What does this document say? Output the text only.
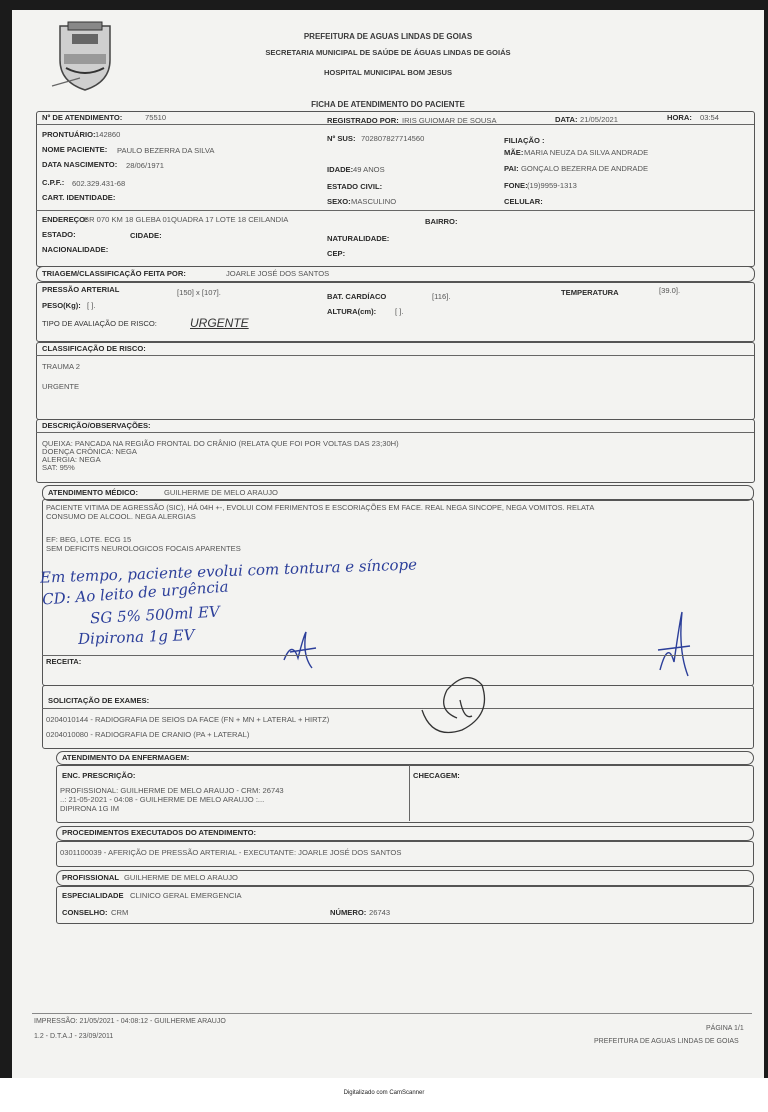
PREFEITURA DE AGUAS LINDAS DE GOIAS
SECRETARIA MUNICIPAL DE SAÚDE DE ÁGUAS LINDAS DE GOIÁS
HOSPITAL MUNICIPAL BOM JESUS
FICHA DE ATENDIMENTO DO PACIENTE
Nº DE ATENDIMENTO:	75510	REGISTRADO POR: IRIS GUIOMAR DE SOUSA	DATA: 21/05/2021	HORA: 03:54
PRONTUÁRIO: 142860	Nº SUS: 702807827714560	FILIAÇÃO :
NOME PACIENTE: PAULO BEZERRA DA SILVA	MÃE: MARIA NEUZA DA SILVA ANDRADE
DATA NASCIMENTO: 28/06/1971	IDADE: 49 ANOS	PAI: GONÇALO BEZERRA DE ANDRADE
C.P.F.: 602.329.431-68	ESTADO CIVIL:	FONE: (19)9959-1313
CART. IDENTIDADE:	SEXO: MASCULINO	CELULAR:
ENDEREÇO:
BR 070 KM 18 GLEBA 01QUADRA 17 LOTE 18 CEILANDIA	BAIRRO:
ESTADO:	CIDADE:	NATURALIDADE:
NACIONALIDADE:	CEP:
TRIAGEM/CLASSIFICAÇÃO FEITA POR:	JOARLE JOSÉ DOS SANTOS
PRESSÃO ARTERIAL	[150] x [107].	BAT. CARDÍACO	[116].	TEMPERATURA	[39.0].
PESO(Kg): [ ].
ALTURA(cm): [ ].
TIPO DE AVALIAÇÃO DE RISCO:	URGENTE
CLASSIFICAÇÃO DE RISCO:
TRAUMA 2
URGENTE
DESCRIÇÃO/OBSERVAÇÕES:
QUEIXA: PANCADA NA REGIÃO FRONTAL DO CRÂNIO (RELATA QUE FOI POR VOLTAS DAS 23;30H)
DOENÇA CRÔNICA: NEGA
ALERGIA: NEGA
SAT: 95%
ATENDIMENTO MÉDICO:	GUILHERME DE MELO ARAUJO
PACIENTE VITIMA DE AGRESSÃO (SIC), HÁ 04H +-, EVOLUI COM FERIMENTOS E ESCORIAÇÕES EM FACE. REAL NEGA SINCOPE, NEGA VOMITOS. RELATA
CONSUMO DE ALCOOL. NEGA ALERGIAS
EF: BEG, LOTE. ECG 15
SEM DEFICITS NEUROLOGICOS FOCAIS APARENTES
Em tempo, paciente evolui com tontura e síncope
CD: Ao leito de urgência
SG 5% 500ml EV
Dipirona 1g EV
RECEITA:
SOLICITAÇÃO DE EXAMES:
0204010144 - RADIOGRAFIA DE SEIOS DA FACE (FN + MN + LATERAL + HIRTZ)
0204010080 - RADIOGRAFIA DE CRANIO (PA + LATERAL)
ATENDIMENTO DA ENFERMAGEM:
ENC. PRESCRIÇÃO:	CHECAGEM:
PROFISSIONAL: GUILHERME DE MELO ARAUJO - CRM: 26743
..: 21-05-2021 - 04:08 - GUILHERME DE MELO ARAUJO :...
DIPIRONA 1G IM
PROCEDIMENTOS EXECUTADOS DO ATENDIMENTO:
0301100039 - AFERIÇÃO DE PRESSÃO ARTERIAL - EXECUTANTE: JOARLE JOSÉ DOS SANTOS
PROFISSIONAL GUILHERME DE MELO ARAUJO
ESPECIALIDADE CLINICO GERAL EMERGENCIA
CONSELHO: CRM	NÚMERO: 26743
IMPRESSÃO: 21/05/2021 - 04:08:12 - GUILHERME ARAUJO
1.2 - D.T.A.J - 23/09/2011
PÁGINA 1/1
PREFEITURA DE AGUAS LINDAS DE GOIAS
Digitalizado com CamScanner
